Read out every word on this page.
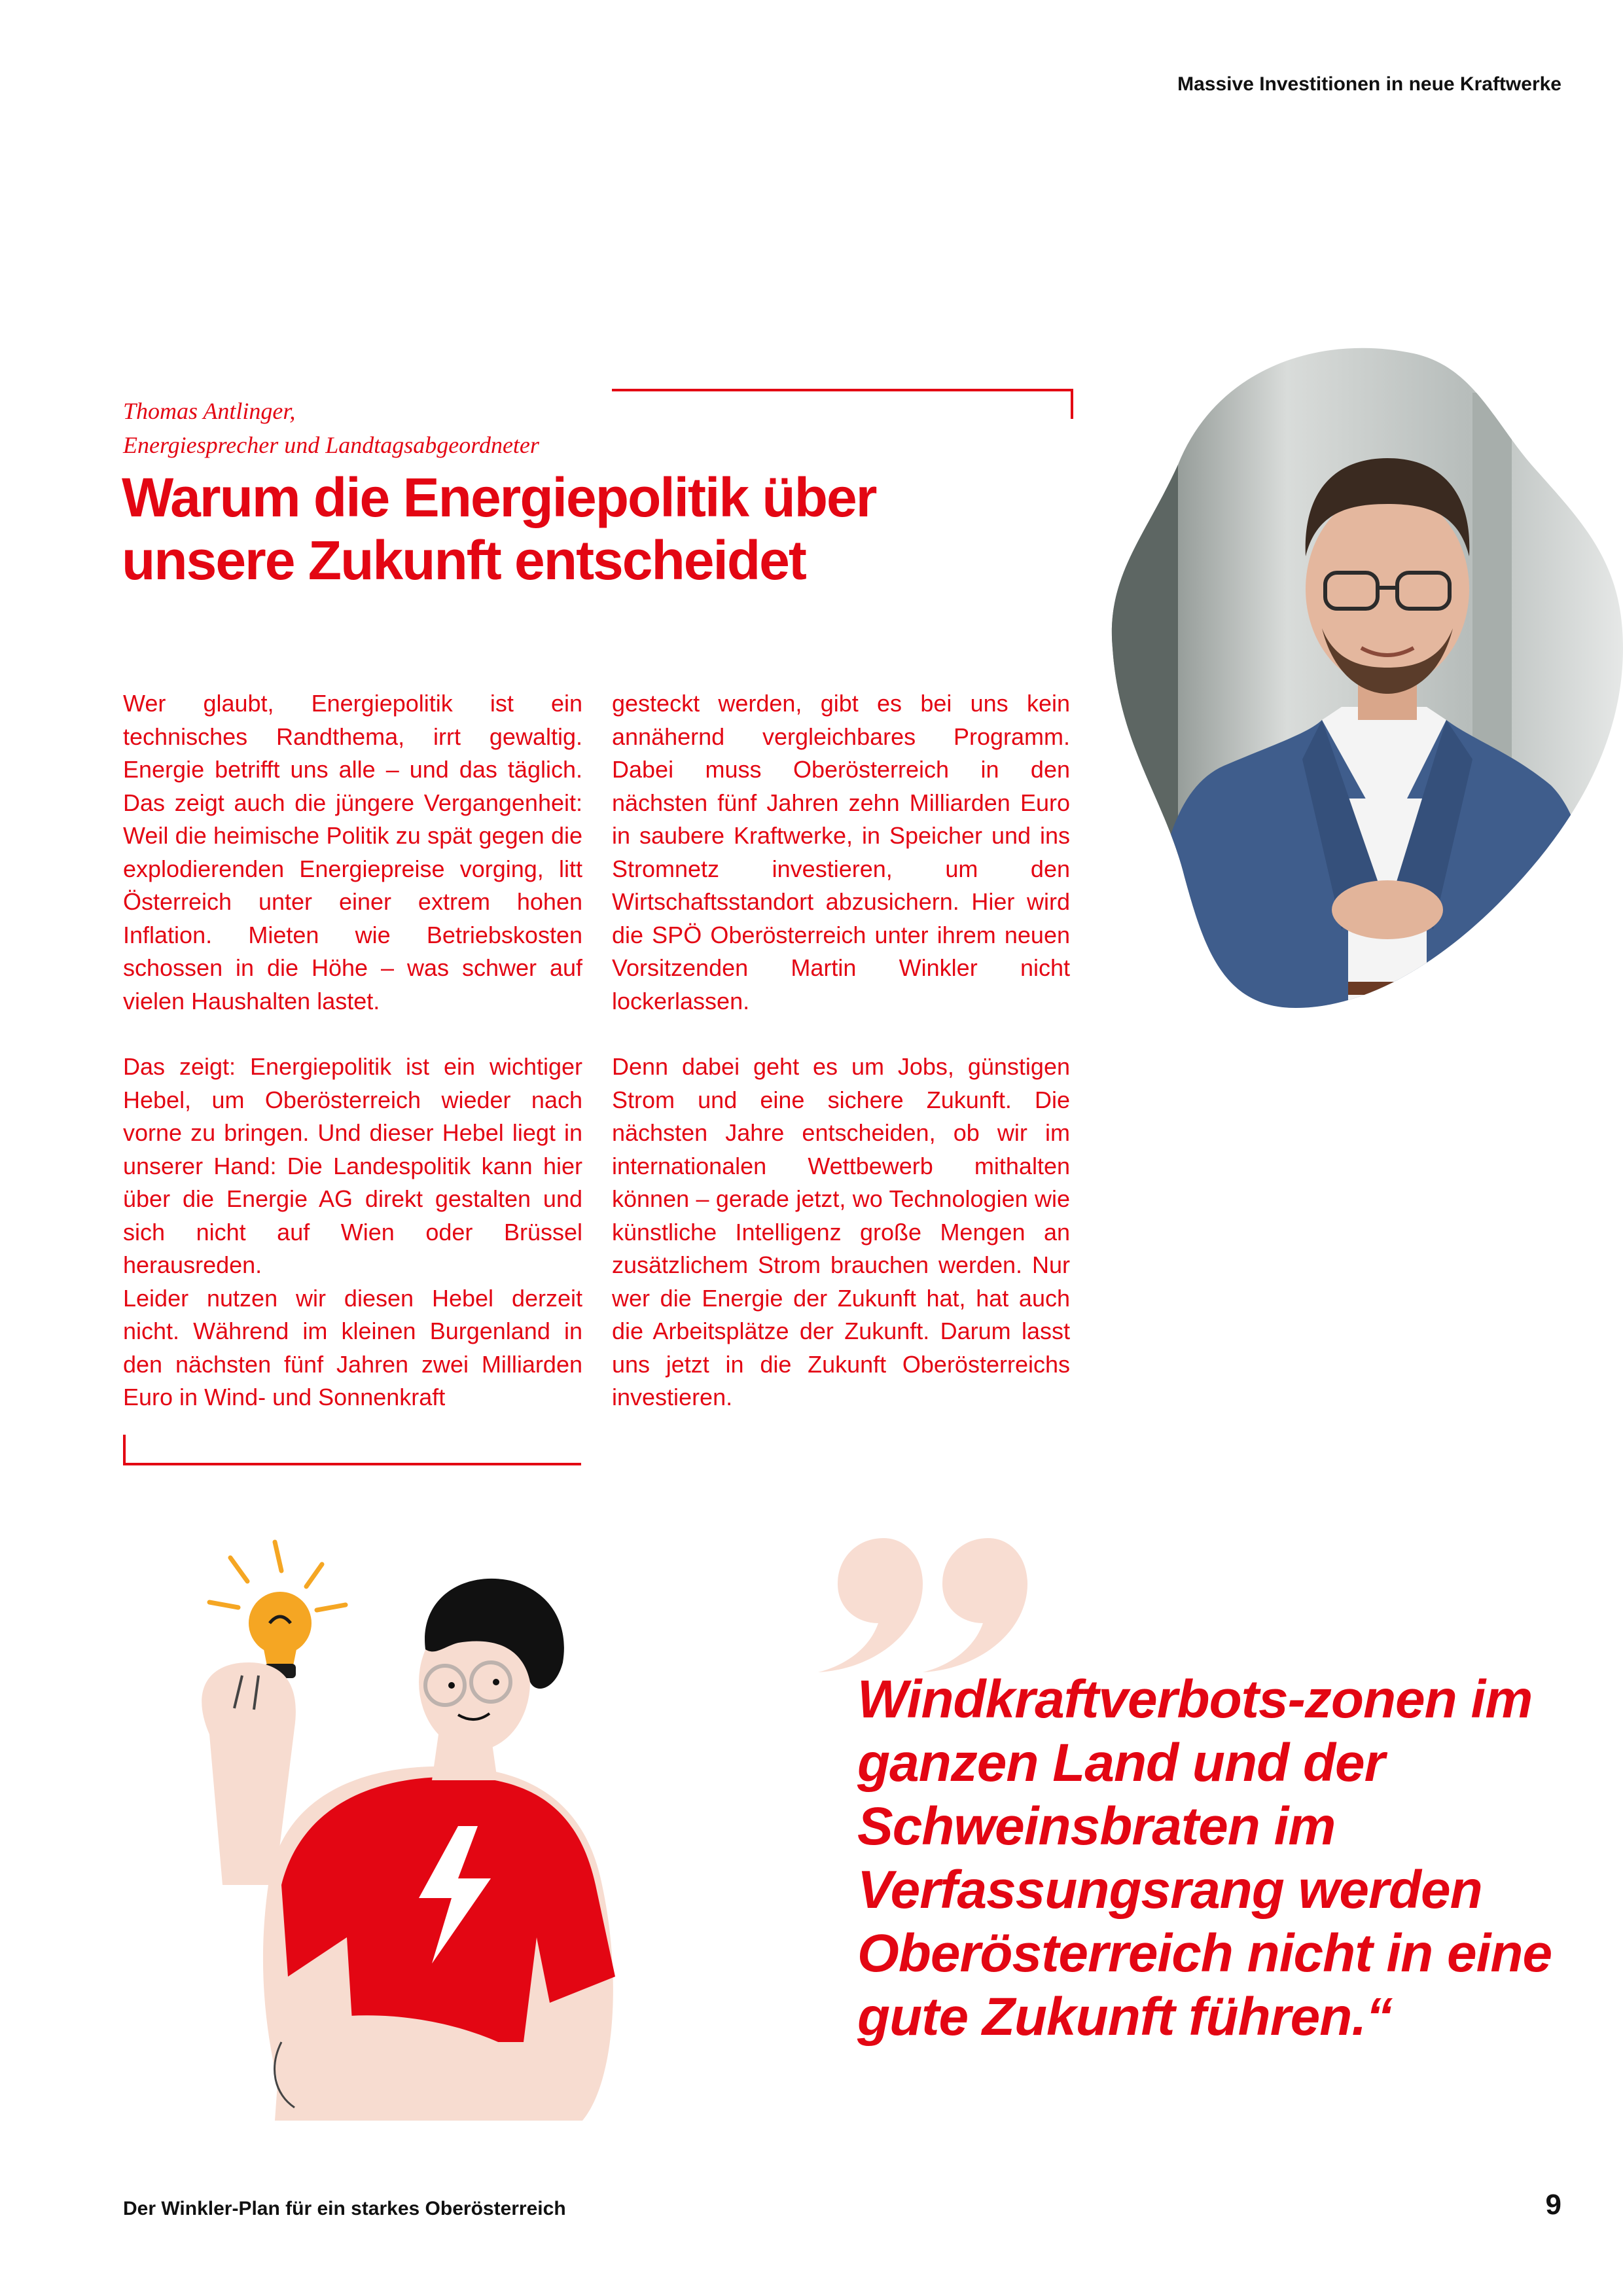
Massive Investitionen in neue Kraftwerke
Thomas Antlinger,
Energiesprecher und Landtagsabgeordneter
Warum die Energiepolitik über unsere Zukunft entscheidet

Wer glaubt, Energiepolitik ist ein technisches Randthema, irrt gewaltig. Energie betrifft uns alle – und das täglich. Das zeigt auch die jüngere Vergangenheit: Weil die heimische Politik zu spät gegen die explodierenden Energiepreise vorging, litt Österreich unter einer extrem hohen Inflation. Mieten wie Betriebskosten schossen in die Höhe – was schwer auf vielen Haushalten lastet.

Das zeigt: Energiepolitik ist ein wichtiger Hebel, um Oberösterreich wieder nach vorne zu bringen. Und dieser Hebel liegt in unserer Hand: Die Landespolitik kann hier über die Energie AG direkt gestalten und sich nicht auf Wien oder Brüssel herausreden.

Leider nutzen wir diesen Hebel derzeit nicht. Während im kleinen Burgenland in den nächsten fünf Jahren zwei Milliarden Euro in Wind- und Sonnenkraft

gesteckt werden, gibt es bei uns kein annähernd vergleichbares Programm. Dabei muss Oberösterreich in den nächsten fünf Jahren zehn Milliarden Euro in saubere Kraftwerke, in Speicher und ins Stromnetz investieren, um den Wirtschaftsstandort abzusichern. Hier wird die SPÖ Oberösterreich unter ihrem neuen Vorsitzenden Martin Winkler nicht lockerlassen.

Denn dabei geht es um Jobs, günstigen Strom und eine sichere Zukunft. Die nächsten Jahre entscheiden, ob wir im internationalen Wettbewerb mithalten können – gerade jetzt, wo Technologien wie künstliche Intelligenz große Mengen an zusätzlichem Strom brauchen werden. Nur wer die Energie der Zukunft hat, hat auch die Arbeitsplätze der Zukunft. Darum lasst uns jetzt in die Zukunft Oberösterreichs investieren.

Windkraftverbots-zonen im ganzen Land und der Schweinsbraten im Verfassungsrang werden Oberösterreich nicht in eine gute Zukunft führen.“
Der Winkler-Plan für ein starkes Oberösterreich	9
